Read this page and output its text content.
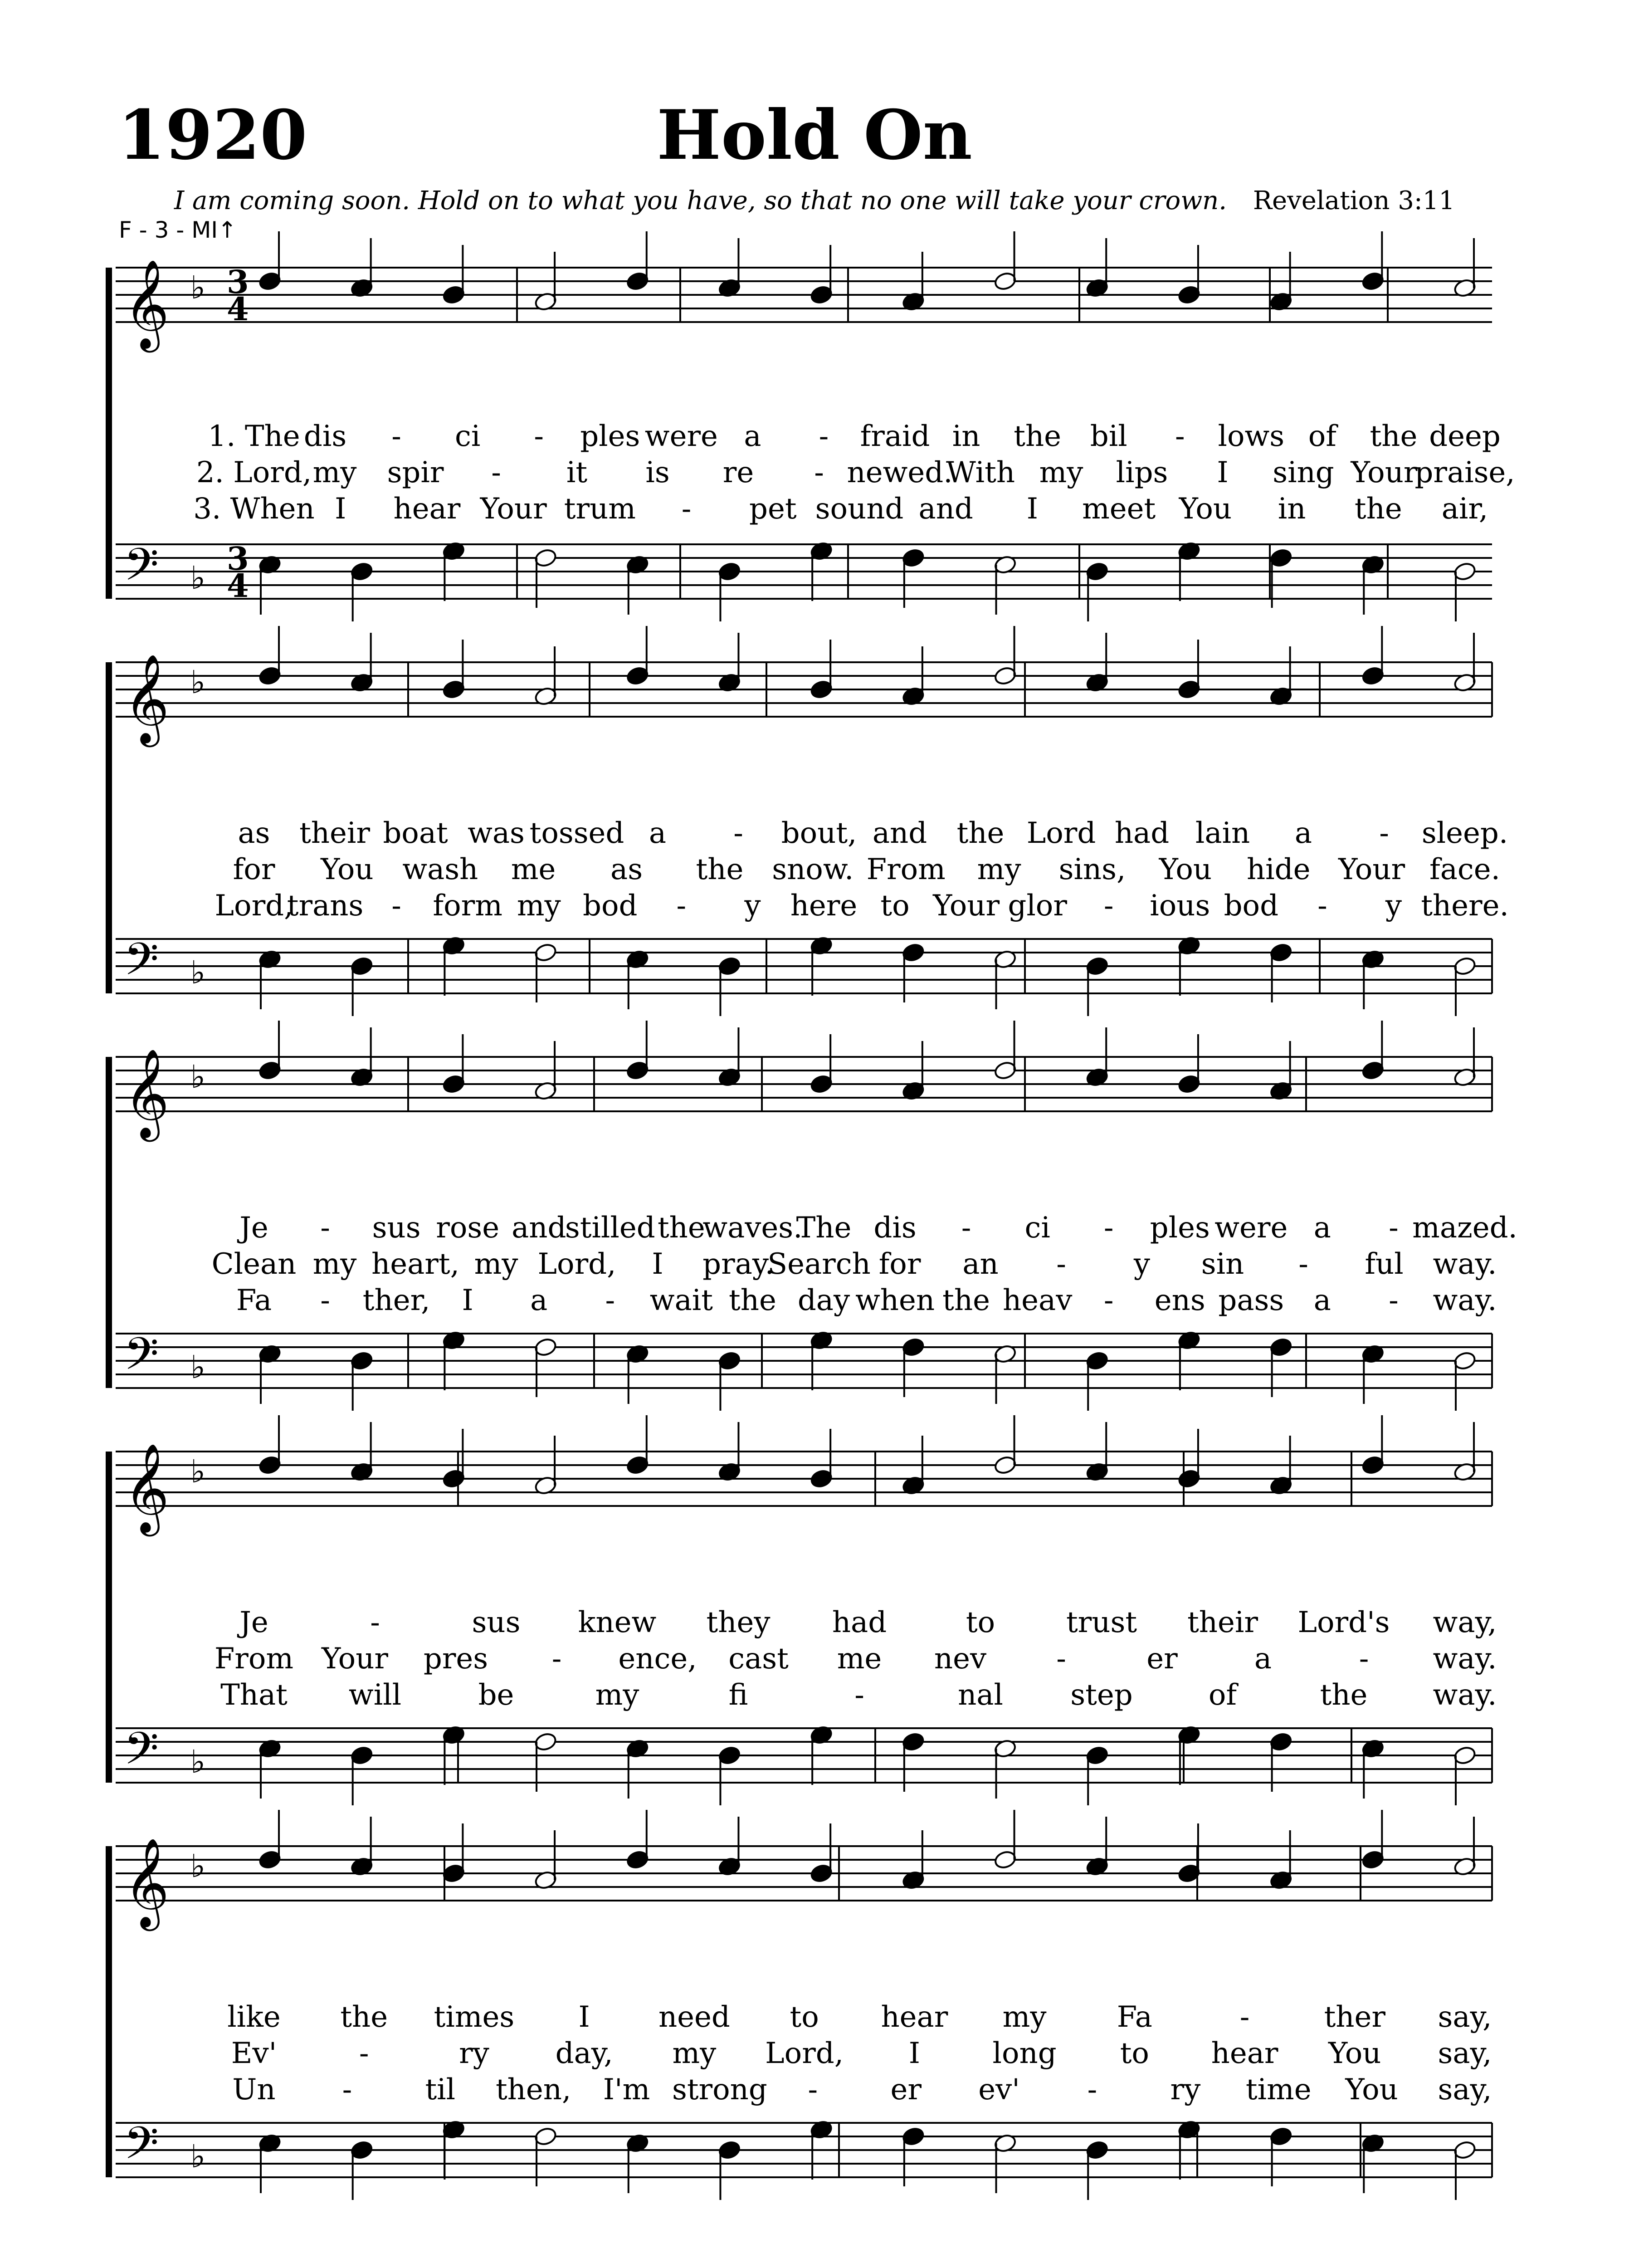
1920	Hold On
I am coming soon. Hold on to what you have, so that no one will take your crown. Revelation 3:11
F - 3 - MI↑
𝄞
𝄢
♭
♭
3
4
3
4
𝄞
𝄢
♭
♭
𝄞
𝄢
♭
♭
𝄞
𝄢
♭
♭
𝄞
𝄢
♭
♭
1. The dis - ci - ples were a - fraid in the bil - lows of the deep
2. Lord, my spir - it is re - newed.
With my lips I sing Your
praise,
3. When I hear Your trum - pet sound and I meet You in the air,
as their boat was tossed a - bout, and the Lord had lain a - sleep.
for You wash me as the snow. From my sins, You hide Your face.
Lord,
trans - form my bod - y here to Your glor - ious bod - y there.
Je - sus rose and
stilled the
waves.
The dis - ci - ples were a - mazed.
Clean my heart, my Lord, I pray.
Search for an - y sin - ful way.
Fa - ther, I a - wait the day when the heav - ens pass a - way.
Je	-	sus knew they had	to trust their Lord's way,
From Your pres - ence, cast me nev -	er	a	- way.
That will	be	my	fi	-	nal step	of	the way.
like the times I need to hear my Fa	-	ther say,
Ev'	-	ry day, my Lord, I long to hear You say,
Un -	til then, I'm strong -	er ev' -	ry time You say,
